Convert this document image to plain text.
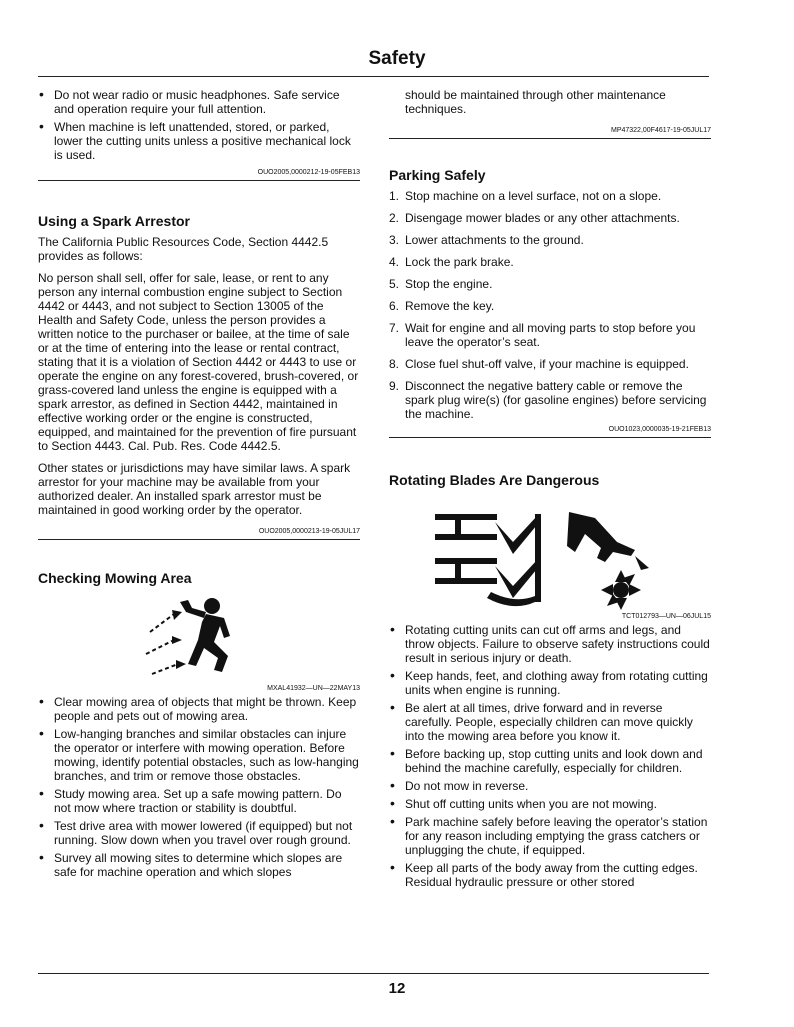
Safety
• Do not wear radio or music headphones. Safe service and operation require your full attention.
• When machine is left unattended, stored, or parked, lower the cutting units unless a positive mechanical lock is used.
OUO2005,0000212-19-05FEB13
Using a Spark Arrestor

The California Public Resources Code, Section 4442.5 provides as follows:

No person shall sell, offer for sale, lease, or rent to any person any internal combustion engine subject to Section 4442 or 4443, and not subject to Section 13005 of the Health and Safety Code, unless the person provides a written notice to the purchaser or bailee, at the time of sale or at the time of entering into the lease or rental contract, stating that it is a violation of Section 4442 or 4443 to use or operate the engine on any forest-covered, brush-covered, or grass-covered land unless the engine is equipped with a spark arrestor, as defined in Section 4442, maintained in effective working order or the engine is constructed, equipped, and maintained for the prevention of fire pursuant to Section 4443. Cal. Pub. Res. Code 4442.5.

Other states or jurisdictions may have similar laws. A spark arrestor for your machine may be available from your authorized dealer. An installed spark arrestor must be maintained in good working order by the operator.

OUO2005,0000213-19-05JUL17
Checking Mowing Area
MXAL41932—UN—22MAY13
• Clear mowing area of objects that might be thrown. Keep people and pets out of mowing area.
• Low-hanging branches and similar obstacles can injure the operator or interfere with mowing operation. Before mowing, identify potential obstacles, such as low-hanging branches, and trim or remove those obstacles.
• Study mowing area. Set up a safe mowing pattern. Do not mow where traction or stability is doubtful.
• Test drive area with mower lowered (if equipped) but not running. Slow down when you travel over rough ground.
• Survey all mowing sites to determine which slopes are safe for machine operation and which slopes

should be maintained through other maintenance techniques.

MP47322,00F4617-19-05JUL17
Parking Safely
1. Stop machine on a level surface, not on a slope.
2. Disengage mower blades or any other attachments.
3. Lower attachments to the ground.
4. Lock the park brake.
5. Stop the engine.
6. Remove the key.
7. Wait for engine and all moving parts to stop before you leave the operator’s seat.
8. Close fuel shut-off valve, if your machine is equipped.
9. Disconnect the negative battery cable or remove the spark plug wire(s) (for gasoline engines) before servicing the machine.
OUO1023,0000035-19-21FEB13
Rotating Blades Are Dangerous
TCT012793—UN—06JUL15
• Rotating cutting units can cut off arms and legs, and throw objects. Failure to observe safety instructions could result in serious injury or death.
• Keep hands, feet, and clothing away from rotating cutting units when engine is running.
• Be alert at all times, drive forward and in reverse carefully. People, especially children can move quickly into the mowing area before you know it.
• Before backing up, stop cutting units and look down and behind the machine carefully, especially for children.
• Do not mow in reverse.
• Shut off cutting units when you are not mowing.
• Park machine safely before leaving the operator’s station for any reason including emptying the grass catchers or unplugging the chute, if equipped.
• Keep all parts of the body away from the cutting edges. Residual hydraulic pressure or other stored
12
